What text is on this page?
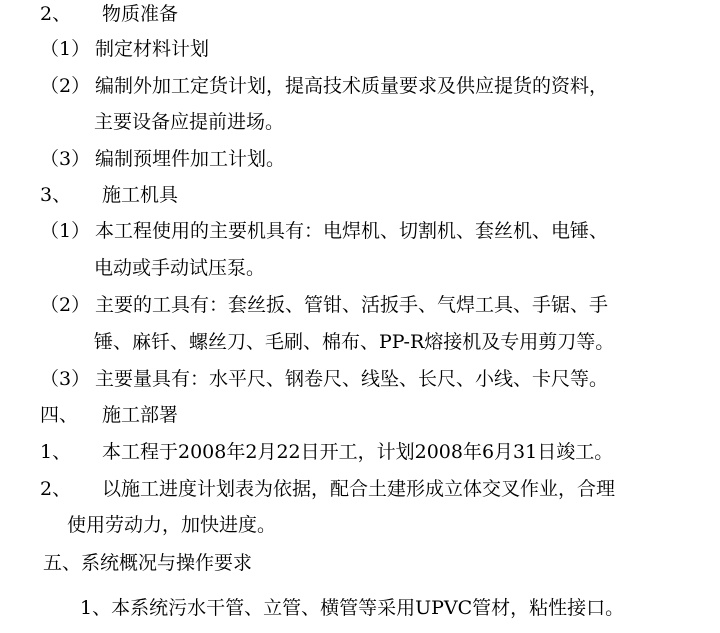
2、 物质准备
（1） 制定材料计划
（2） 编制外加工定货计划，提高技术质量要求及供应提货的资料，
主要设备应提前进场。
（3） 编制预埋件加工计划。
3、 施工机具
（1） 本工程使用的主要机具有：电焊机、切割机、套丝机、电锤、
电动或手动试压泵。
（2） 主要的工具有：套丝扳、管钳、活扳手、气焊工具、手锯、手
锤、麻钎、螺丝刀、毛刷、棉布、PP-R熔接机及专用剪刀等。
（3） 主要量具有：水平尺、钢卷尺、线坠、长尺、小线、卡尺等。
四、 施工部署
1、 本工程于2008年2月22日开工，计划2008年6月31日竣工。
2、 以施工进度计划表为依据，配合土建形成立体交叉作业，合理
使用劳动力，加快进度。
五、系统概况与操作要求
1、本系统污水干管、立管、横管等采用UPVC管材，粘性接口。
